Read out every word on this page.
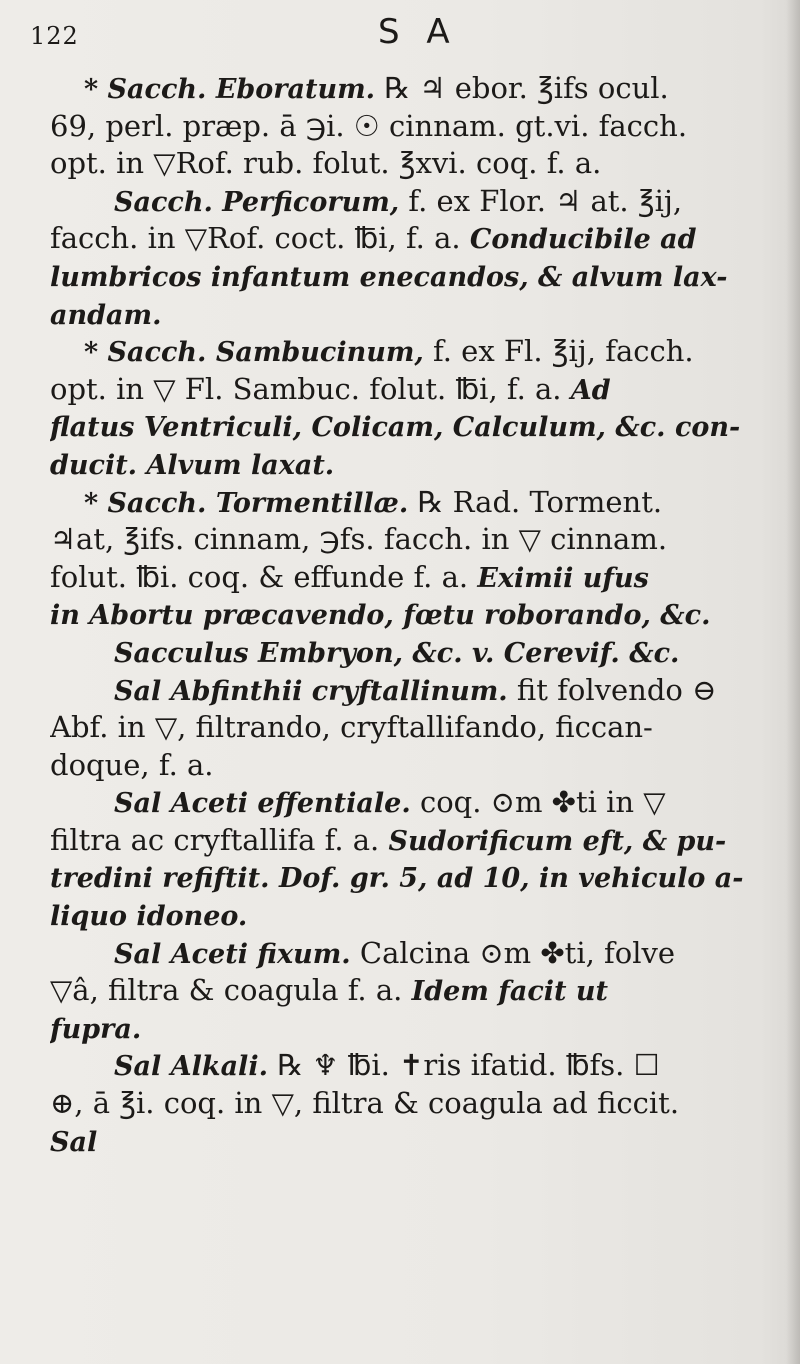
122	S A
* Sacch. Eboratum. ℞ ♃ ebor. ℥ifs ocul.
69, perl. præp. ā ℈i. ☉ cinnam. gt.vi. facch.
opt. in ▽Rof. rub. folut. ℥xvi. coq. f. a.
Sacch. Perficorum, f. ex Flor. ♃ at. ℥ij,
facch. in ▽Rof. coct. ℔i, f. a. Conducibile ad
lumbricos infantum enecandos, & alvum lax-
andam.
* Sacch. Sambucinum, f. ex Fl. ℥ij, facch.
opt. in ▽ Fl. Sambuc. folut. ℔i, f. a. Ad
flatus Ventriculi, Colicam, Calculum, &c. con-
ducit. Alvum laxat.
* Sacch. Tormentillæ. ℞ Rad. Torment.
♃at, ℥ifs. cinnam, ℈fs. facch. in ▽ cinnam.
folut. ℔i. coq. & effunde f. a. Eximii ufus
in Abortu præcavendo, fœtu roborando, &c.
Sacculus Embryon, &c. v. Cerevif. &c.
Sal Abfinthii cryftallinum. fit folvendo ⊖
Abf. in ▽, filtrando, cryftallifando, ficcan-
doque, f. a.
Sal Aceti effentiale. coq. ⊙m ✤ti in ▽
filtra ac cryftallifa f. a. Sudorificum eft, & pu-
tredini refiftit. Dof. gr. 5, ad 10, in vehiculo a-
liquo idoneo.
Sal Aceti fixum. Calcina ⊙m ✤ti, folve
▽â, filtra & coagula f. a. Idem facit ut
fupra.
Sal Alkali. ℞ ♆ ℔i. ✝ris ifatid. ℔fs. ☐
⊕, ā ℥i. coq. in ▽, filtra & coagula ad ficcit.
Sal
